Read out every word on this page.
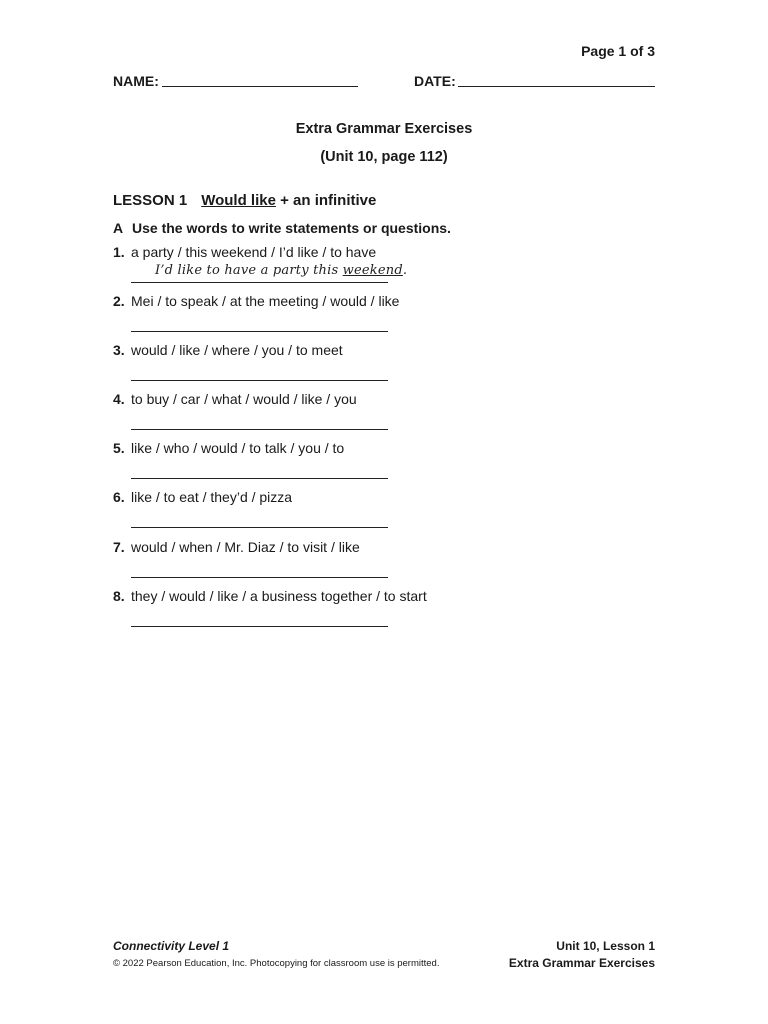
Page 1 of 3
NAME:	DATE:
Extra Grammar Exercises
(Unit 10, page 112)
LESSON 1 Would like + an infinitive
A Use the words to write statements or questions.
1. a party / this weekend / I’d like / to have
I’d like to have a party this weekend.
2. Mei / to speak / at the meeting / would / like
3. would / like / where / you / to meet
4. to buy / car / what / would / like / you
5. like / who / would / to talk / you / to
6. like / to eat / they’d / pizza
7. would / when / Mr. Diaz / to visit / like
8. they / would / like / a business together / to start
Connectivity Level 1
© 2022 Pearson Education, Inc. Photocopying for classroom use is permitted.
Unit 10, Lesson 1
Extra Grammar Exercises
